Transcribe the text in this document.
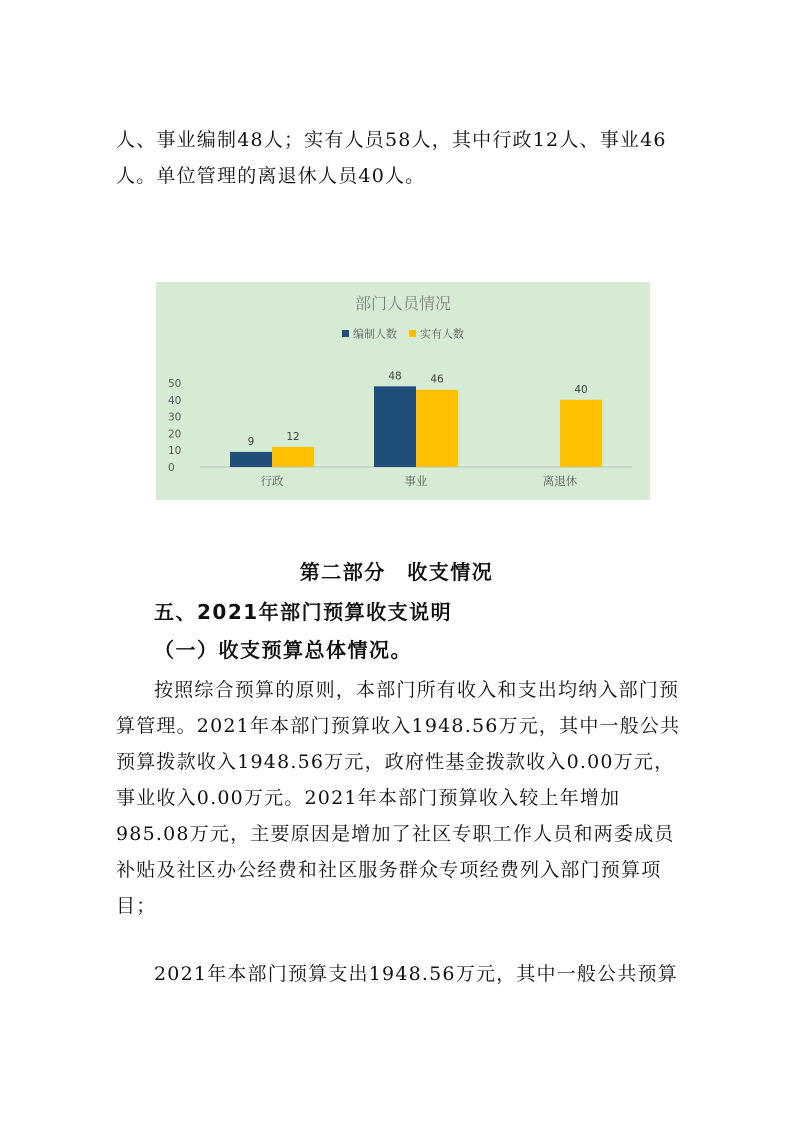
人、事业编制48人；实有人员58人，其中行政12人、事业46人。单位管理的离退休人员40人。

部门人员情况
编制人数 实有人数
0
10
20
30
40
50
9	12
行政
48	46
事业
40
离退休
第二部分　收支情况
五、2021年部门预算收支说明
（一）收支预算总体情况。

按照综合预算的原则，本部门所有收入和支出均纳入部门预算管理。2021年本部门预算收入1948.56万元，其中一般公共预算拨款收入1948.56万元，政府性基金拨款收入0.00万元，事业收入0.00万元。2021年本部门预算收入较上年增加985.08万元，主要原因是增加了社区专职工作人员和两委成员补贴及社区办公经费和社区服务群众专项经费列入部门预算项目；

2021年本部门预算支出1948.56万元，其中一般公共预算
